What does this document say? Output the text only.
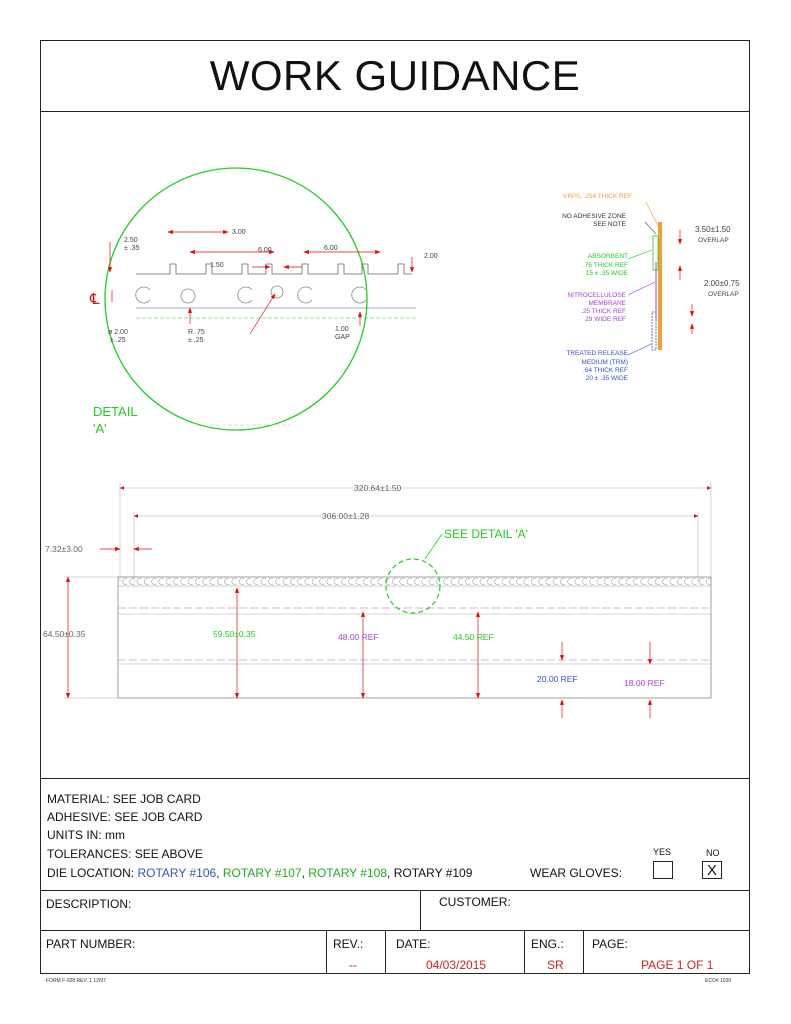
WORK GUIDANCE
2.50
± .35
3.00
6.00	6.00
1.50
2.00
℄
ø 2.00
± .25
R .75
± .25
1.00
GAP
DETAIL
'A'
VINYL .254 THICK REF
NO ADHESIVE ZONE
SEE NOTE
ABSORBENT
.76 THICK REF
15 ± .35 WIDE
NITROCELLULOSE
MEMBRANE
.25 THICK REF
29 WIDE REF
TREATED RELEASE
MEDIUM (TRM)
.64 THICK REF
20 ± .35 WIDE
3.50±1.50
OVERLAP
2.00±0.75
OVERLAP
320.64±1.50
306.00±1.28
7.32±3.00
SEE DETAIL 'A'
64.50±0.35	59.50±0.35	48.00 REF	44.50 REF
20.00 REF	18.00 REF
MATERIAL: SEE JOB CARD
ADHESIVE: SEE JOB CARD
UNITS IN: mm
TOLERANCES: SEE ABOVE
DIE LOCATION: ROTARY #106, ROTARY #107, ROTARY #108, ROTARY #109	WEAR GLOVES:
YES	NO
X
DESCRIPTION:	CUSTOMER:
PART NUMBER:	REV.:
--
DATE:
04/03/2015
ENG.:
SR
PAGE:
PAGE 1 OF 1
FORM F-928 REV. 1 12/97	ECO# 1030
